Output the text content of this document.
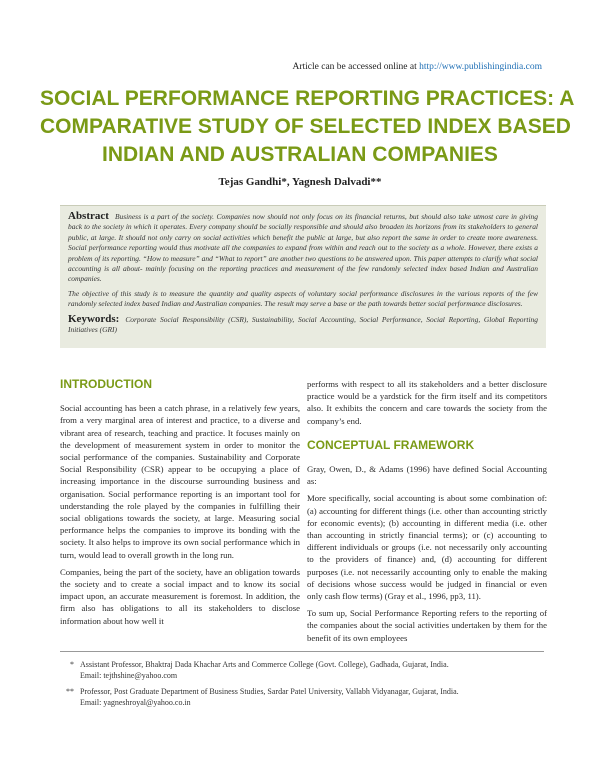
Article can be accessed online at http://www.publishingindia.com
SOCIAL PERFORMANCE REPORTING PRACTICES: A
COMPARATIVE STUDY OF SELECTED INDEX BASED
INDIAN AND AUSTRALIAN COMPANIES
Tejas Gandhi*, Yagnesh Dalvadi**

Abstract Business is a part of the society. Companies now should not only focus on its financial returns, but should also take utmost care in giving back to the society in which it operates. Every company should be socially responsible and should also broaden its horizons from its stakeholders to general public, at large. It should not only carry on social activities which benefit the public at large, but also report the same in order to create more awareness. Social performance reporting would thus motivate all the companies to expand from within and reach out to the society as a whole. However, there exists a problem of its reporting. “How to measure” and “What to report” are another two questions to be answered upon. This paper attempts to clarify what social accounting is all about- mainly focusing on the reporting practices and measurement of the few randomly selected index based Indian and Australian companies.

The objective of this study is to measure the quantity and quality aspects of voluntary social performance disclosures in the various reports of the few randomly selected index based Indian and Australian companies. The result may serve a base or the path towards better social performance disclosures.

Keywords: Corporate Social Responsibility (CSR), Sustainability, Social Accounting, Social Performance, Social Reporting, Global Reporting Initiatives (GRI)

INTRODUCTION

Social accounting has been a catch phrase, in a relatively few years, from a very marginal area of interest and practice, to a diverse and vibrant area of research, teaching and practice. It focuses mainly on the development of measurement system in order to monitor the social performance of the companies. Sustainability and Corporate Social Responsibility (CSR) appear to be occupying a place of increasing importance in the discourse surrounding business and organisation. Social performance reporting is an important tool for understanding the role played by the companies in fulfilling their social obligations towards the society, at large. Measuring social performance helps the companies to improve its bonding with the society. It also helps to improve its own social performance which in turn, would lead to overall growth in the long run.

Companies, being the part of the society, have an obligation towards the society and to create a social impact and to know its social impact upon, an accurate measurement is foremost. In addition, the firm also has obligations to all its stakeholders to disclose information about how well it

performs with respect to all its stakeholders and a better disclosure practice would be a yardstick for the firm itself and its competitors also. It exhibits the concern and care towards the society from the company’s end.

CONCEPTUAL FRAMEWORK

Gray, Owen, D., & Adams (1996) have defined Social Accounting as:

More specifically, social accounting is about some combination of: (a) accounting for different things (i.e. other than accounting strictly for economic events); (b) accounting in different media (i.e. other than accounting in strictly financial terms); or (c) accounting to different individuals or groups (i.e. not necessarily only accounting to the providers of finance) and, (d) accounting for different purposes (i.e. not necessarily accounting only to enable the making of decisions whose success would be judged in financial or even only cash flow terms) (Gray et al., 1996, pp3, 11).

To sum up, Social Performance Reporting refers to the reporting of the companies about the social activities undertaken by them for the benefit of its own employees

* Assistant Professor, Bhaktraj Dada Khachar Arts and Commerce College (Govt. College), Gadhada, Gujarat, India.
Email: tejthshine@yahoo.com
** Professor, Post Graduate Department of Business Studies, Sardar Patel University, Vallabh Vidyanagar, Gujarat, India.
Email: yagneshroyal@yahoo.co.in
